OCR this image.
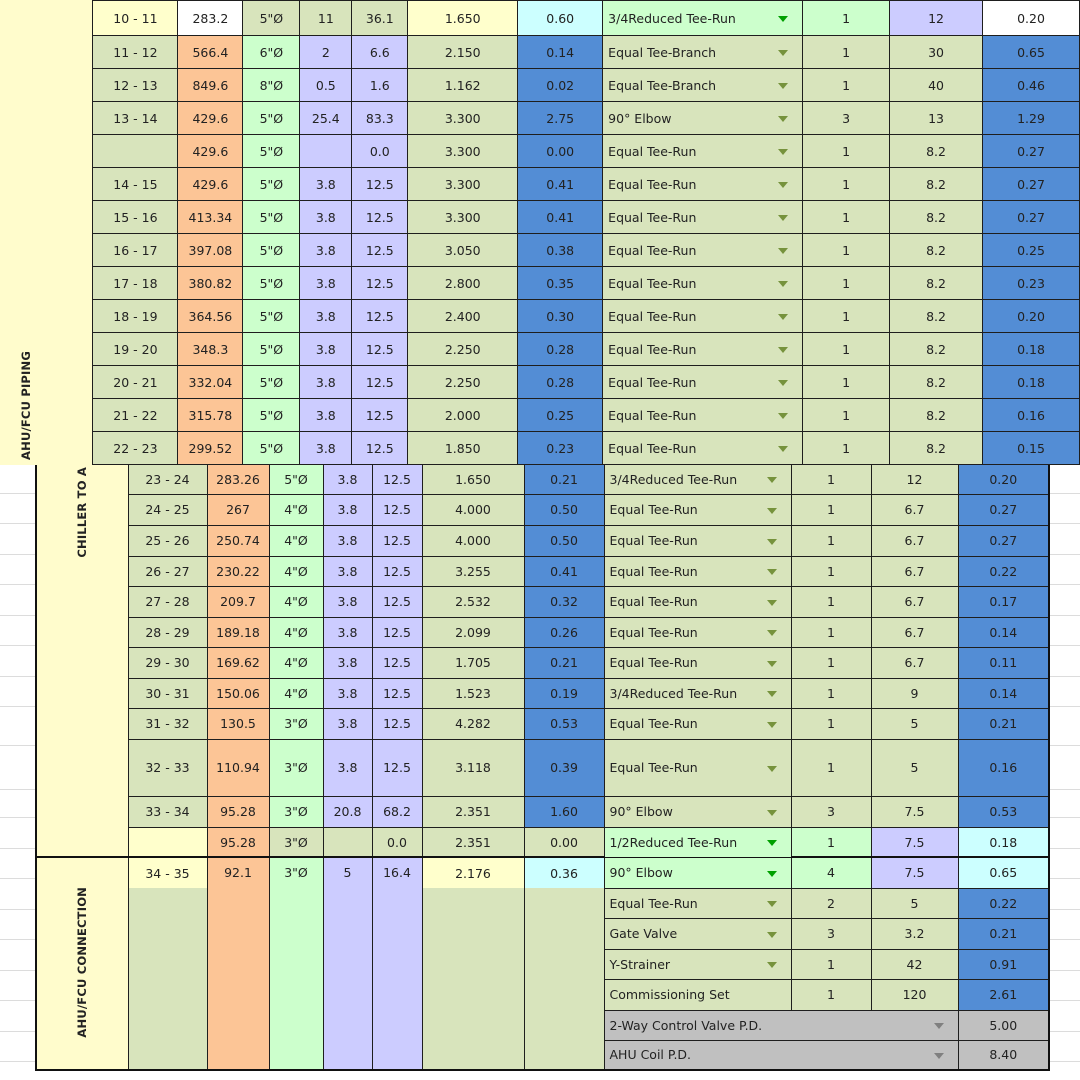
CHILLER TO A	23 - 24	283.26	5"Ø	3.8	12.5	1.650	0.21	3/4Reduced Tee-Run	1	12	0.20
	24 - 25	267	4"Ø	3.8	12.5	4.000	0.50	Equal Tee-Run	1	6.7	0.27
	25 - 26	250.74	4"Ø	3.8	12.5	4.000	0.50	Equal Tee-Run	1	6.7	0.27
	26 - 27	230.22	4"Ø	3.8	12.5	3.255	0.41	Equal Tee-Run	1	6.7	0.22
	27 - 28	209.7	4"Ø	3.8	12.5	2.532	0.32	Equal Tee-Run	1	6.7	0.17
	28 - 29	189.18	4"Ø	3.8	12.5	2.099	0.26	Equal Tee-Run	1	6.7	0.14
	29 - 30	169.62	4"Ø	3.8	12.5	1.705	0.21	Equal Tee-Run	1	6.7	0.11
	30 - 31	150.06	4"Ø	3.8	12.5	1.523	0.19	3/4Reduced Tee-Run	1	9	0.14
	31 - 32	130.5	3"Ø	3.8	12.5	4.282	0.53	Equal Tee-Run	1	5	0.21
	32 - 33	110.94	3"Ø	3.8	12.5	3.118	0.39	Equal Tee-Run	1	5	0.16
	33 - 34	95.28	3"Ø	20.8	68.2	2.351	1.60	90° Elbow	3	7.5	0.53
		95.28	3"Ø		0.0	2.351	0.00	1/2Reduced Tee-Run	1	7.5	0.18

AHU/FCU CONNECTION	34 - 35	92.1	3"Ø	5	16.4	2.176	0.36	90° Elbow	4	7.5	0.65
								Equal Tee-Run	2	5	0.22
								Gate Valve	3	3.2	0.21
								Y-Strainer	1	42	0.91
								Commissioning Set	1	120	2.61
								2-Way Control Valve P.D.			5.00
								AHU Coil P.D.			8.40
AHU/FCU PIPING	10 - 11	283.2	5"Ø	11	36.1	1.650	0.60	3/4Reduced Tee-Run	1	12	0.20
	11 - 12	566.4	6"Ø	2	6.6	2.150	0.14	Equal Tee-Branch	1	30	0.65
	12 - 13	849.6	8"Ø	0.5	1.6	1.162	0.02	Equal Tee-Branch	1	40	0.46
	13 - 14	429.6	5"Ø	25.4	83.3	3.300	2.75	90° Elbow	3	13	1.29
		429.6	5"Ø		0.0	3.300	0.00	Equal Tee-Run	1	8.2	0.27
	14 - 15	429.6	5"Ø	3.8	12.5	3.300	0.41	Equal Tee-Run	1	8.2	0.27
	15 - 16	413.34	5"Ø	3.8	12.5	3.300	0.41	Equal Tee-Run	1	8.2	0.27
	16 - 17	397.08	5"Ø	3.8	12.5	3.050	0.38	Equal Tee-Run	1	8.2	0.25
	17 - 18	380.82	5"Ø	3.8	12.5	2.800	0.35	Equal Tee-Run	1	8.2	0.23
	18 - 19	364.56	5"Ø	3.8	12.5	2.400	0.30	Equal Tee-Run	1	8.2	0.20
	19 - 20	348.3	5"Ø	3.8	12.5	2.250	0.28	Equal Tee-Run	1	8.2	0.18
	20 - 21	332.04	5"Ø	3.8	12.5	2.250	0.28	Equal Tee-Run	1	8.2	0.18
	21 - 22	315.78	5"Ø	3.8	12.5	2.000	0.25	Equal Tee-Run	1	8.2	0.16
	22 - 23	299.52	5"Ø	3.8	12.5	1.850	0.23	Equal Tee-Run	1	8.2	0.15
